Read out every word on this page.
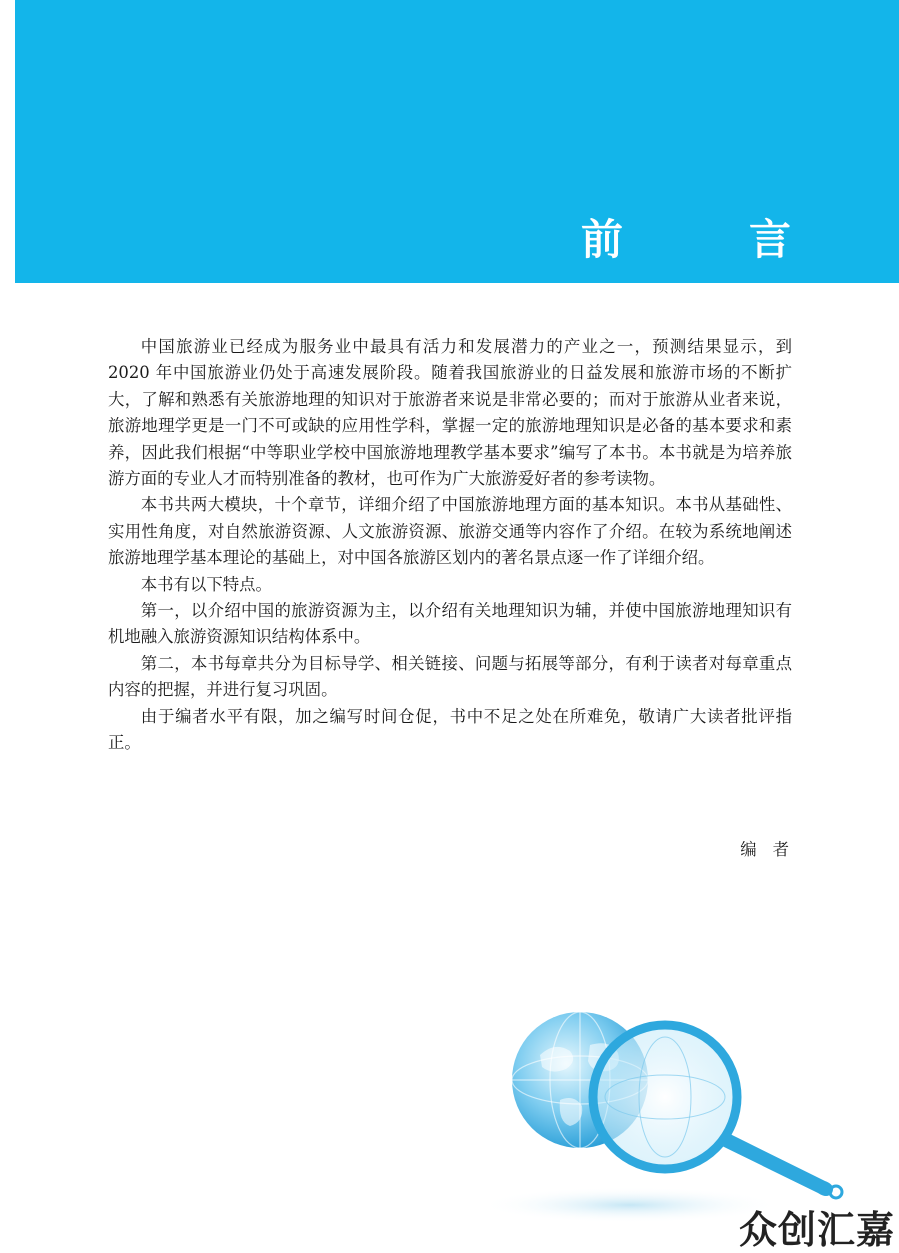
前　言

中国旅游业已经成为服务业中最具有活力和发展潜力的产业之一，预测结果显示，到 2020 年中国旅游业仍处于高速发展阶段。随着我国旅游业的日益发展和旅游市场的不断扩大，了解和熟悉有关旅游地理的知识对于旅游者来说是非常必要的；而对于旅游从业者来说，旅游地理学更是一门不可或缺的应用性学科，掌握一定的旅游地理知识是必备的基本要求和素养，因此我们根据“中等职业学校中国旅游地理教学基本要求”编写了本书。本书就是为培养旅游方面的专业人才而特别准备的教材，也可作为广大旅游爱好者的参考读物。

本书共两大模块，十个章节，详细介绍了中国旅游地理方面的基本知识。本书从基础性、实用性角度，对自然旅游资源、人文旅游资源、旅游交通等内容作了介绍。在较为系统地阐述旅游地理学基本理论的基础上，对中国各旅游区划内的著名景点逐一作了详细介绍。

本书有以下特点。

第一，以介绍中国的旅游资源为主，以介绍有关地理知识为辅，并使中国旅游地理知识有机地融入旅游资源知识结构体系中。

第二，本书每章共分为目标导学、相关链接、问题与拓展等部分，有利于读者对每章重点内容的把握，并进行复习巩固。

由于编者水平有限，加之编写时间仓促，书中不足之处在所难免，敬请广大读者批评指正。

编者
众创汇嘉
